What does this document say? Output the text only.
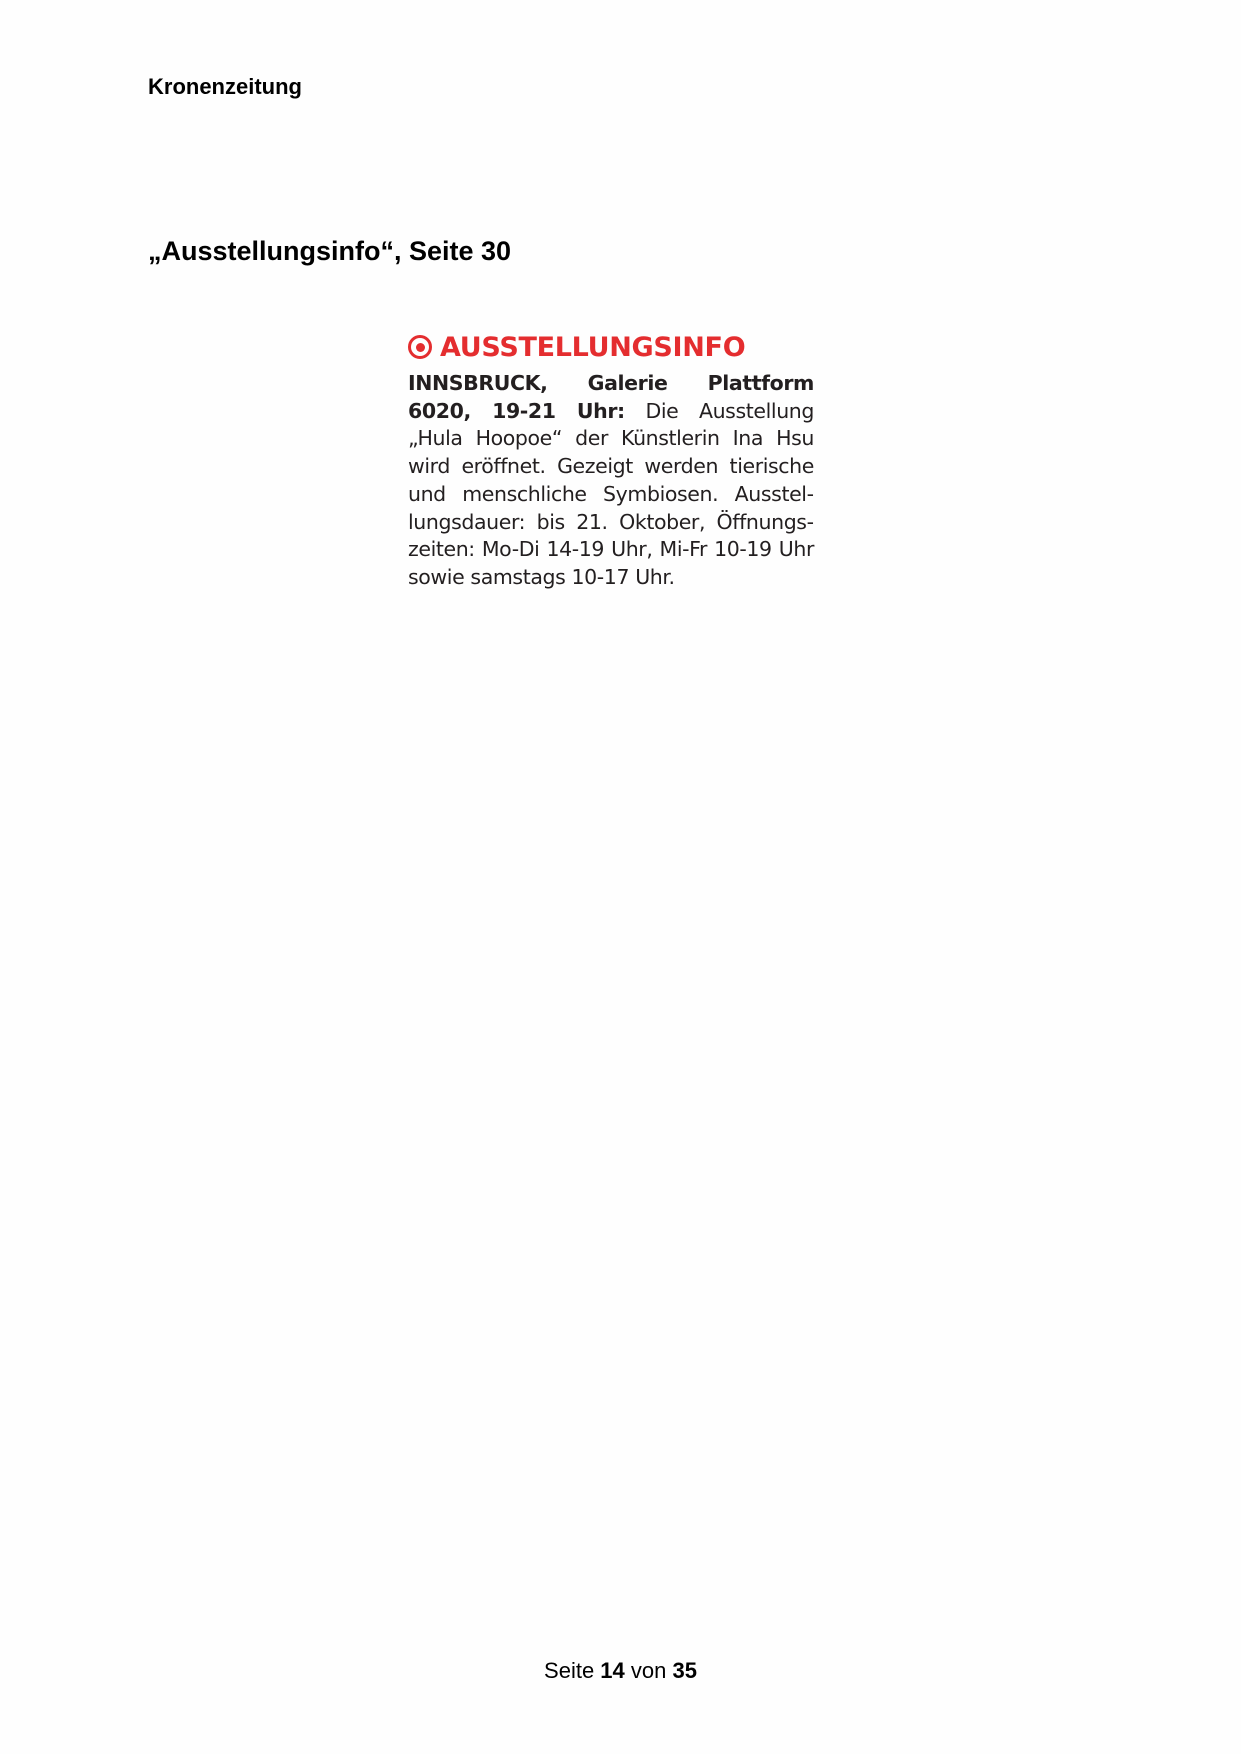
Kronenzeitung

„Ausstellungsinfo“, Seite 30
AUSSTELLUNGSINFO

INNSBRUCK, Galerie Plattform 6020, 19-21 Uhr: Die Ausstellung „Hula Hoopoe“ der Künstlerin Ina Hsu wird eröffnet. Gezeigt werden tierische und menschliche Symbiosen. Ausstellungsdauer: bis 21. Oktober, Öffnungszeiten: Mo-Di 14-19 Uhr, Mi-Fr 10-19 Uhr sowie samstags 10-17 Uhr.

Seite 14 von 35
